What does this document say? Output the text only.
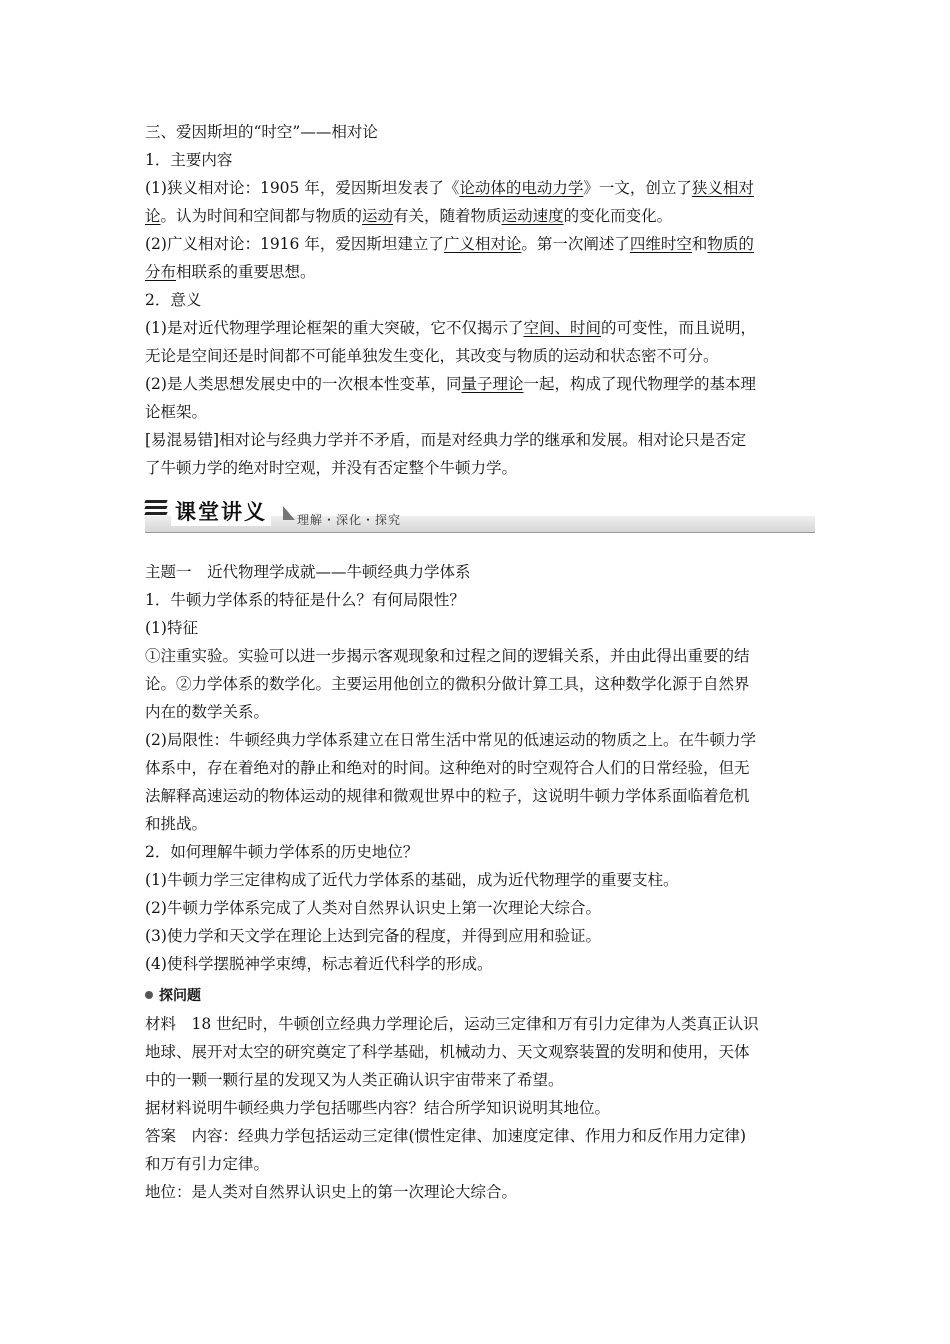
三、爱因斯坦的“时空”——相对论
1．主要内容
(1)狭义相对论：1905 年，爱因斯坦发表了《论动体的电动力学》一文，创立了狭义相对
论。认为时间和空间都与物质的运动有关，随着物质运动速度的变化而变化。
(2)广义相对论：1916 年，爱因斯坦建立了广义相对论。第一次阐述了四维时空和物质的
分布相联系的重要思想。
2．意义
(1)是对近代物理学理论框架的重大突破，它不仅揭示了空间、时间的可变性，而且说明，
无论是空间还是时间都不可能单独发生变化，其改变与物质的运动和状态密不可分。
(2)是人类思想发展史中的一次根本性变革，同量子理论一起，构成了现代物理学的基本理
论框架。
[易混易错]相对论与经典力学并不矛盾，而是对经典力学的继承和发展。相对论只是否定
了牛顿力学的绝对时空观，并没有否定整个牛顿力学。
课堂讲义	理解・深化・探究
主题一　近代物理学成就——牛顿经典力学体系
1．牛顿力学体系的特征是什么？有何局限性？
(1)特征
①注重实验。实验可以进一步揭示客观现象和过程之间的逻辑关系，并由此得出重要的结
论。②力学体系的数学化。主要运用他创立的微积分做计算工具，这种数学化源于自然界
内在的数学关系。
(2)局限性：牛顿经典力学体系建立在日常生活中常见的低速运动的物质之上。在牛顿力学
体系中，存在着绝对的静止和绝对的时间。这种绝对的时空观符合人们的日常经验，但无
法解释高速运动的物体运动的规律和微观世界中的粒子，这说明牛顿力学体系面临着危机
和挑战。
2．如何理解牛顿力学体系的历史地位？
(1)牛顿力学三定律构成了近代力学体系的基础，成为近代物理学的重要支柱。
(2)牛顿力学体系完成了人类对自然界认识史上第一次理论大综合。
(3)使力学和天文学在理论上达到完备的程度，并得到应用和验证。
(4)使科学摆脱神学束缚，标志着近代科学的形成。
探问题
材料　18 世纪时，牛顿创立经典力学理论后，运动三定律和万有引力定律为人类真正认识
地球、展开对太空的研究奠定了科学基础，机械动力、天文观察装置的发明和使用，天体
中的一颗一颗行星的发现又为人类正确认识宇宙带来了希望。
据材料说明牛顿经典力学包括哪些内容？结合所学知识说明其地位。
答案　内容：经典力学包括运动三定律(惯性定律、加速度定律、作用力和反作用力定律)
和万有引力定律。
地位：是人类对自然界认识史上的第一次理论大综合。
